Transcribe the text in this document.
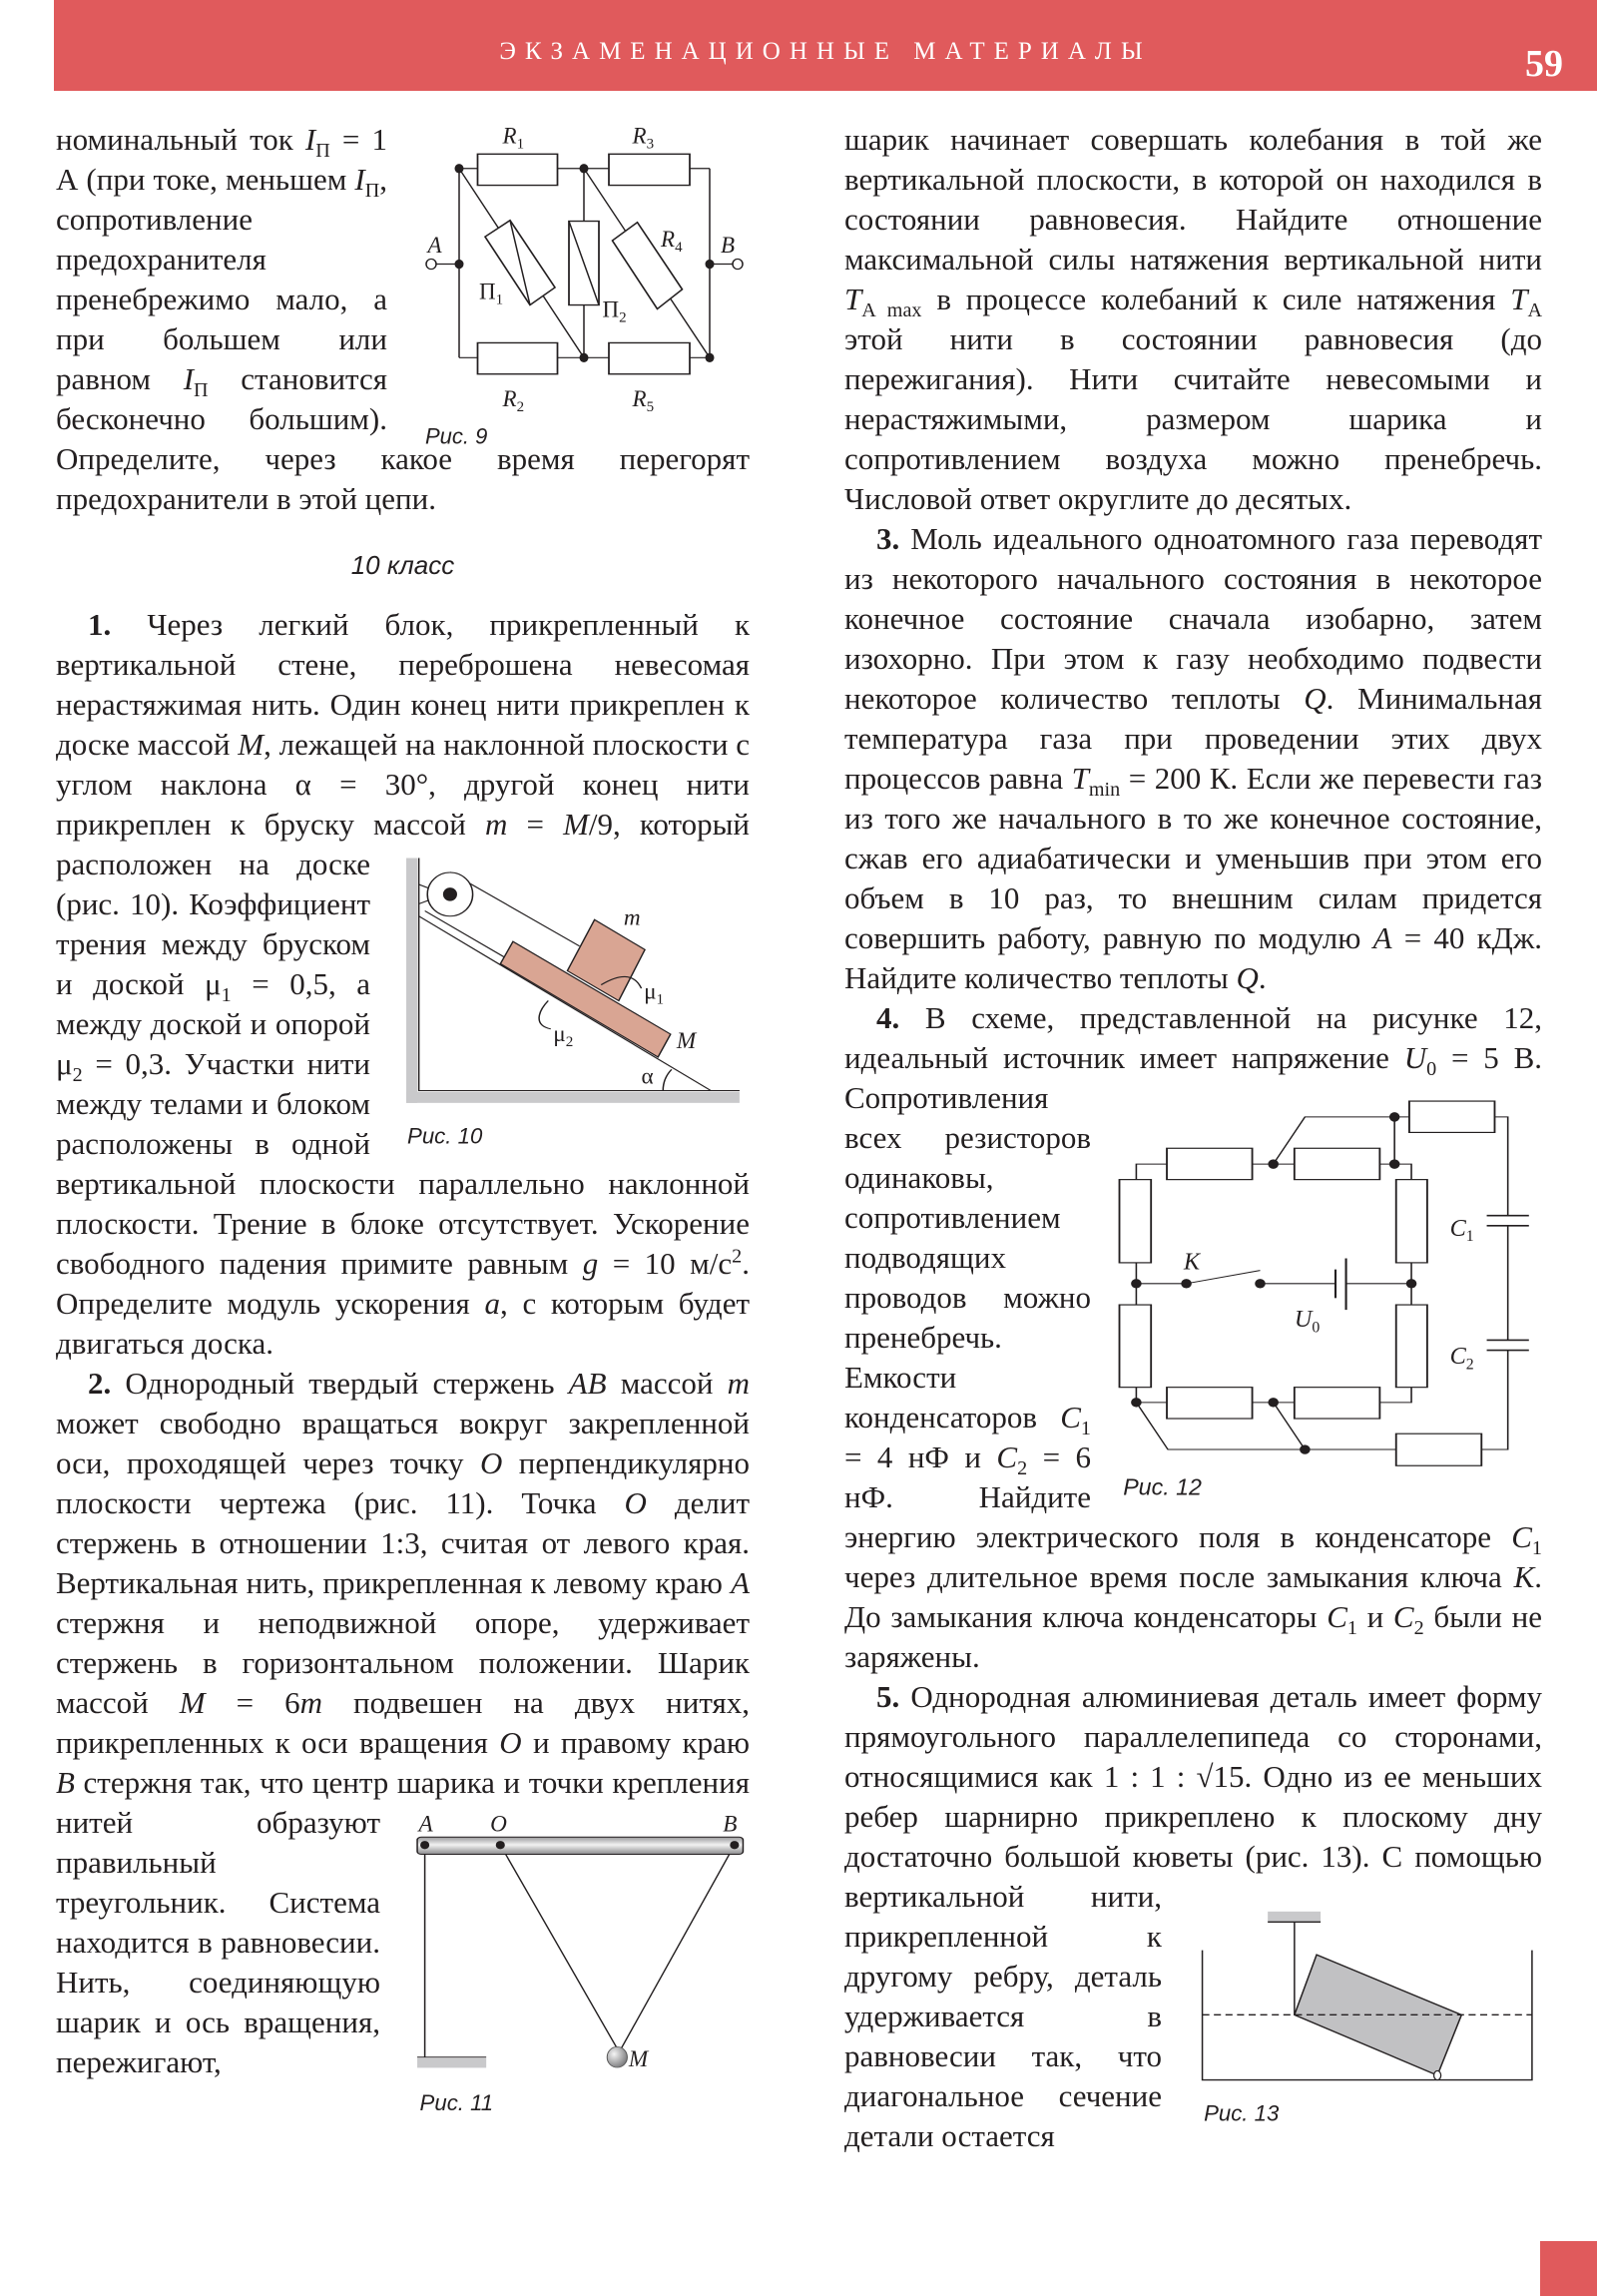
ЭКЗАМЕНАЦИОННЫЕ МАТЕРИАЛЫ	59

$R_1$ $R_3$
$R_2$ $R_5$
$R_4$
A	B
$П_1$ $П_2$
Рис. 9
номинальный ток $I_П = 1$ А (при токе, меньшем $I_П$, сопротивление предохранителя пренебрежимо мало, а при большем или равном $I_П$ становится бесконечно большим). Определите, через какое время перегорят предохранители в этой цепи.

10 класс

1. Через легкий блок, прикрепленный к вертикальной стене, переброшена невесомая нерастяжимая нить. Один конец нити прикреплен к доске массой M, лежащей на наклонной плоскости с углом наклона α = 30°, другой конец нити прикреплен к бруску массой m = M/9, который расположен на доске
m
$\mu_1$
$\mu_2$ M
α
Рис. 10
(рис. 10). Коэффициент трения между бруском и доской $\mu_1 = 0,5$, а между доской и опорой $\mu_2 = 0,3$. Участки нити между телами и блоком расположены в одной вертикальной плоскости параллельно наклонной плоскости. Трение в блоке отсутствует. Ускорение свободного падения примите равным g = 10 $м/с^2$. Определите модуль ускорения a, с которым будет двигаться доска.

2. Однородный твердый стержень AB массой m может свободно вращаться вокруг закрепленной оси, проходящей через точку O перпендикулярно плоскости чертежа (рис. 11). Точка O делит стержень в отношении 1:3, считая от левого края. Вертикальная нить, прикрепленная к левому краю A стержня и неподвижной опоре, удерживает стержень в горизонтальном положении. Шарик массой M = 6m подвешен на двух нитях, прикрепленных к оси вращения O и правому краю B стержня так, что центр
A O	B
M
Рис. 11
шарика и точки крепления нитей образуют правильный треугольник. Система находится в равновесии. Нить, соединяющую шарик и ось вращения, пережигают,

шарик начинает совершать колебания в той же вертикальной плоскости, в которой он находился в состоянии равновесия. Найдите отношение максимальной силы натяжения вертикальной нити $T_{A max}$ в процессе колебаний к силе натяжения $T_A$ этой нити в состоянии равновесия (до пережигания). Нити считайте невесомыми и нерастяжимыми, размером шарика и сопротивлением воздуха можно пренебречь. Числовой ответ округлите до десятых.

3. Моль идеального одноатомного газа переводят из некоторого начального состояния в некоторое конечное состояние сначала изобарно, затем изохорно. При этом к газу необходимо подвести некоторое количество теплоты Q. Минимальная температура газа при проведении этих двух процессов равна $T_{min} = 200$ К. Если же перевести газ из того же начального в то же конечное состояние, сжав его адиабатически и уменьшив при этом его объем в 10 раз, то внешним силам придется совершить работу, равную по модулю A = 40 кДж. Найдите количество теплоты Q.

4. В схеме, представленной на рисунке 12, идеальный источник имеет напряжение
K
$U_0$
$C_1$
$C_2$
Рис. 12
$U_0 = 5$ В. Сопротивления всех резисторов одинаковы, сопротивлением подводящих проводов можно пренебречь. Емкости конденсаторов $C_1 = 4$ нФ и $C_2 = 6$ нФ. Найдите энергию электрического поля в конденсаторе $C_1$ через длительное время после замыкания ключа K. До замыкания ключа конденсаторы $C_1$ и $C_2$ были не заряжены.

5. Однородная алюминиевая деталь имеет форму прямоугольного параллелепипеда со сторонами, относящимися как 1 : 1 : √15. Одно из ее меньших ребер шарнирно прикреплено к плоскому дну достаточно большой кюветы (рис. 13). С помощью вертикальной нити,
Рис. 13
прикрепленной к другому ребру, деталь удерживается в равновесии так, что диагональное сечение детали остается
